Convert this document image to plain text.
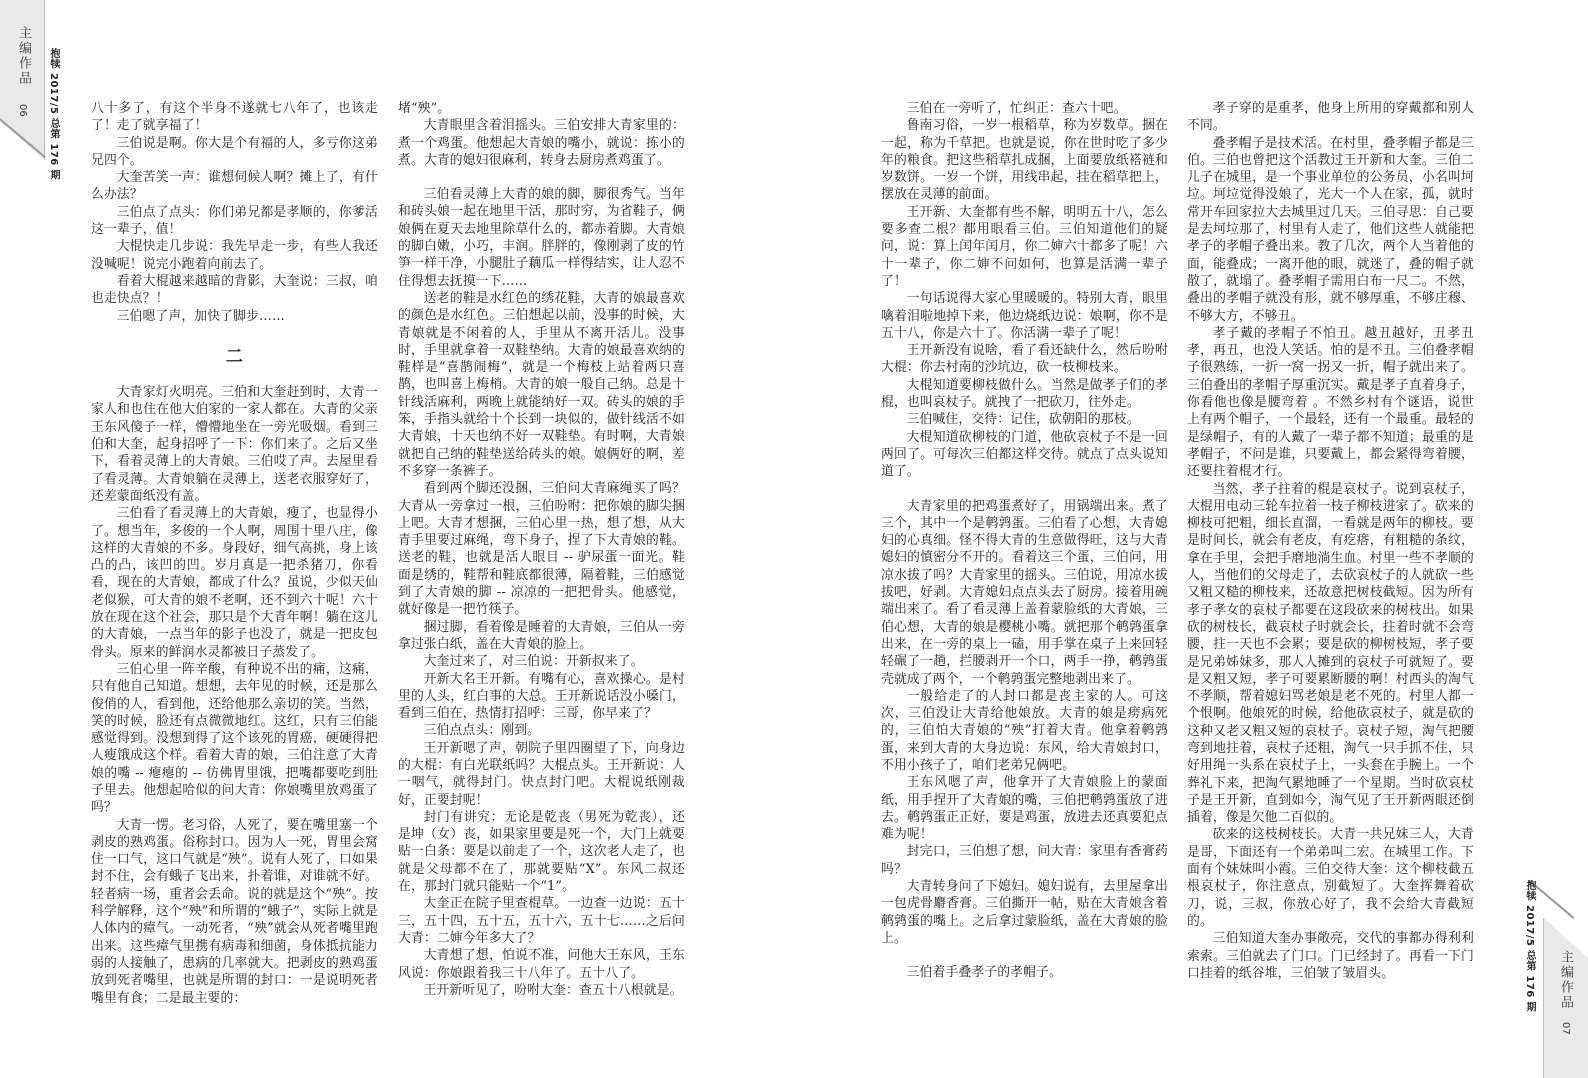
主编作品
06 抱犊 2017/5 总第 176 期	八十多了，有这个半身不遂就七八年了，也该走了！走了就享福了！

三伯说是啊。你大是个有福的人，多亏你这弟兄四个。

大奎苦笑一声：谁想伺候人啊？摊上了，有什么办法？

三伯点了点头：你们弟兄都是孝顺的，你爹活这一辈子，值！

大棍快走几步说：我先早走一步，有些人我还没喊呢！说完小跑着向前去了。

看着大棍越来越暗的背影，大奎说：三叔，咱也走快点？！

三伯嗯了声，加快了脚步……

二

大青家灯火明亮。三伯和大奎赶到时，大青一家人和也住在他大伯家的一家人都在。大青的父亲王东风傻子一样，懵懵地坐在一旁光吸烟。看到三伯和大奎，起身招呼了一下：你们来了。之后又坐下，看着灵薄上的大青娘。三伯哎了声。去屋里看了看灵薄。大青娘躺在灵薄上，送老衣服穿好了，还差蒙面纸没有盖。

三伯看了看灵薄上的大青娘，瘦了，也显得小了。想当年，多俊的一个人啊，周围十里八庄，像这样的大青娘的不多。身段好，细气高挑，身上该凸的凸，该凹的凹。岁月真是一把杀猪刀，你看看，现在的大青娘，都成了什么？虽说，少似天仙老似猴，可大青的娘不老啊，还不到六十呢！六十放在现在这个社会，那只是个大青年啊！躺在这儿的大青娘，一点当年的影子也没了，就是一把皮包骨头。原来的鲜润水灵都被日子蒸发了。

三伯心里一阵辛酸，有种说不出的痛，这痛，只有他自己知道。想想，去年见的时候，还是那么俊俏的人，看到他，还给他那么亲切的笑。当然，笑的时候，脸还有点微微地红。这红，只有三伯能感觉得到。没想到得了这个该死的胃癌，硬硬得把人瘦饿成这个样。看着大青的娘，三伯注意了大青娘的嘴 -- 瘪瘪的 -- 仿佛胃里饿，把嘴都要吃到肚子里去。他想起哈似的问大青：你娘嘴里放鸡蛋了吗？

大青一愣。老习俗，人死了，要在嘴里塞一个剥皮的熟鸡蛋。俗称封口。因为人一死，胃里会窝住一口气，这口气就是“殃”。说有人死了，口如果封不住，会有蛾子飞出来，扑着谁，对谁就不好。轻者病一场，重者会丢命。说的就是这个“殃”。按科学解释，这个“殃”和所谓的“蛾子”，实际上就是人体内的瘴气。一动死者，“殃”就会从死者嘴里跑出来。这些瘴气里携有病毒和细菌，身体抵抗能力弱的人接触了，患病的几率就大。把剥皮的熟鸡蛋放到死者嘴里，也就是所谓的封口：一是说明死者嘴里有食；二是最主要的：

堵“殃”。

大青眼里含着泪摇头。三伯安排大青家里的：煮一个鸡蛋。他想起大青娘的嘴小，就说：拣小的煮。大青的媳妇很麻利，转身去厨房煮鸡蛋了。

三伯看灵薄上大青的娘的脚，脚很秀气。当年和砖头娘一起在地里干活，那时穷，为省鞋子，俩娘俩在夏天去地里除草什么的，都赤着脚。大青娘的脚白嫩，小巧，丰润。胖胖的，像刚剥了皮的竹笋一样干净，小腿肚子藕瓜一样得结实，让人忍不住得想去抚摸一下……

送老的鞋是水红色的绣花鞋，大青的娘最喜欢的颜色是水红色。三伯想起以前，没事的时候，大青娘就是不闲着的人，手里从不离开活儿。没事时，手里就拿着一双鞋垫纳。大青的娘最喜欢纳的鞋样是“喜鹊闹梅”，就是一个梅枝上站着两只喜鹊，也叫喜上梅梢。大青的娘一般自己纳。总是十针线活麻利，两晚上就能纳好一双。砖头的娘的手笨，手指头就给十个长到一块似的，做针线活不如大青娘，十天也纳不好一双鞋垫。有时啊，大青娘就把自己纳的鞋垫送给砖头的娘。娘俩好的啊，差不多穿一条裤子。

看到两个脚还没捆，三伯问大青麻绳买了吗？大青从一旁拿过一根，三伯吩咐：把你娘的脚尖捆上吧。大青才想捆，三伯心里一热，想了想，从大青手里要过麻绳，弯下身子，捏了下大青娘的鞋。送老的鞋，也就是活人眼目 -- 驴尿蛋一面光。鞋面是绣的，鞋帮和鞋底都很薄，隔着鞋，三伯感觉到了大青娘的脚 -- 凉凉的一把把骨头。他感觉，就好像是一把竹筷子。

捆过脚，看着像是睡着的大青娘，三伯从一旁拿过张白纸，盖在大青娘的脸上。

大奎过来了，对三伯说：开新叔来了。

开新大名王开新。有嘴有心，喜欢操心。是村里的人头，红白事的大总。王开新说话没小嗓门，看到三伯在，热情打招呼：三哥，你早来了？

三伯点点头：刚到。

王开新嗯了声，朝院子里四圈望了下，向身边的大棍：有白光联纸吗？大棍点头。王开新说：人一咽气，就得封门。快点封门吧。大棍说纸刚裁好，正要封呢！

封门有讲究：无论是乾丧（男死为乾丧），还是坤（女）丧，如果家里要是死一个，大门上就要贴一白条：要是以前走了一个，这次老人走了，也就是父母都不在了，那就要贴“X”。东风二叔还在，那封门就只能贴一个“1”。

大奎正在院子里查棍草。一边查一边说：五十三，五十四，五十五，五十六，五十七……之后问大青：二婶今年多大了？

大青想了想，怕说不准，问他大王东风，王东风说：你娘跟着我三十八年了。五十八了。

王开新听见了，吩咐大奎：查五十八根就是。

三伯在一旁听了，忙纠正：查六十吧。

鲁南习俗，一岁一根稻草，称为岁数草。捆在一起，称为千草把。也就是说，你在世时吃了多少年的粮食。把这些稻草扎成捆，上面要放纸褡裢和岁数饼。一岁一个饼，用线串起，挂在稻草把上，摆放在灵薄的前面。

王开新、大奎都有些不解，明明五十八，怎么要多查二根？都用眼看三伯。三伯知道他们的疑问，说：算上闰年闰月，你二婶六十都多了呢！六十一辈子，你二婶不问如何，也算是活满一辈子了！

一句话说得大家心里暖暖的。特别大青，眼里噙着泪啦地掉下来，他边烧纸边说：娘啊，你不是五十八，你是六十了。你活满一辈子了呢！

王开新没有说啥，看了看还缺什么，然后吩咐大棍：你去村南的沙坑边，砍一枝柳枝来。

大棍知道要柳枝做什么。当然是做孝子们的孝棍，也叫哀杖子。就拽了一把砍刀，往外走。

三伯喊住，交待：记住，砍朝阳的那枝。

大棍知道砍柳枝的门道，他砍哀杖子不是一回两回了。可每次三伯都这样交待。就点了点头说知道了。

大青家里的把鸡蛋煮好了，用锅端出来。煮了三个，其中一个是鹌鹑蛋。三伯看了心想，大青媳妇的心真细。怪不得大青的生意做得旺，这与大青媳妇的慎密分不开的。看着这三个蛋，三伯问，用凉水拔了吗？大青家里的摇头。三伯说，用凉水拔拔吧，好剥。大青媳妇点点头去了厨房。接着用碗端出来了。看了看灵薄上盖着蒙脸纸的大青娘，三伯心想，大青的娘是樱桃小嘴。就把那个鹌鹑蛋拿出来，在一旁的桌上一磕，用手掌在桌子上来回轻轻碾了一趟，拦腰剥开一个口，两手一挣，鹌鹑蛋壳就成了两个，一个鹌鹑蛋完整地剥出来了。

一般给走了的人封口都是丧主家的人。可这次，三伯没让大青给他娘放。大青的娘是痨病死的，三伯怕大青娘的“殃”打着大青。他拿着鹌鹑蛋，来到大青的大身边说：东风，给大青娘封口，不用小孩子了，咱们老弟兄俩吧。

王东风嗯了声，他拿开了大青娘脸上的蒙面纸，用手捏开了大青娘的嘴，三伯把鹌鹑蛋放了进去。鹌鹑蛋正正好，要是鸡蛋，放进去还真要犯点难为呢！

封完口，三伯想了想，问大青：家里有香膏药吗？

大青转身问了下媳妇。媳妇说有，去里屋拿出一包虎骨麝香膏。三伯撕开一帖，贴在大青娘含着鹌鹑蛋的嘴上。之后拿过蒙脸纸，盖在大青娘的脸上。

三伯着手叠孝子的孝帽子。

孝子穿的是重孝，他身上所用的穿戴都和别人不同。

叠孝帽子是技术活。在村里，叠孝帽子都是三伯。三伯也曾把这个活教过王开新和大奎。三伯二儿子在城里，是一个事业单位的公务员，小名叫坷垃。坷垃觉得没娘了，光大一个人在家，孤，就时常开车回家拉大去城里过几天。三伯寻思：自己要是去坷垃那了，村里有人走了，他们这些人就能把孝子的孝帽子叠出来。教了几次，两个人当着他的面，能叠成；一离开他的眼，就迷了，叠的帽子就散了，就塌了。叠孝帽子需用白布一尺二。不然，叠出的孝帽子就没有形，就不够厚重，不够庄穆、不够大方，不够丑。

孝子戴的孝帽子不怕丑。越丑越好，丑孝丑孝，再丑，也没人笑话。怕的是不丑。三伯叠孝帽子很熟练，一折一窝一拐又一折，帽子就出来了。三伯叠出的孝帽子厚重沉实。戴是孝子直着身子，你看他也像是腰弯着 。不然乡村有个谜语，说世上有两个帽子，一个最轻，还有一个最重。最轻的是绿帽子，有的人戴了一辈子都不知道；最重的是孝帽子，不问是谁，只要戴上，都会紧得弯着腰，还要拄着棍才行。

当然，孝子拄着的棍是哀杖子。说到哀杖子，大棍用电动三轮车拉着一枝子柳枝进家了。砍来的柳枝可把粗，细长直溜，一看就是两年的柳枝。要是时间长，就会有老皮，有疙瘩，有粗糙的条纹，拿在手里，会把手磨地淌生血。村里一些不孝顺的人，当他们的父母走了，去砍哀杖子的人就砍一些又粗又糙的柳枝来，还故意把树枝截短。因为所有孝子孝女的哀杖子都要在这段砍来的树枝出。如果砍的树枝长，截哀杖子时就会长，拄着时就不会弯腰，拄一天也不会累；要是砍的柳树枝短，孝子要是兄弟姊妹多，那人人摊到的哀杖子可就短了。要是又粗又短，孝子可要累断腰的啊！村西头的淘气不孝顺，帮着媳妇骂老娘是老不死的。村里人都一个恨啊。他娘死的时候，给他砍哀杖子，就是砍的这种又老又粗又短的哀杖子。哀杖子短，淘气把腰弯到地拄着，哀杖子还粗，淘气一只手抓不住，只好用绳一头系在哀杖子上，一头套在手腕上。一个葬礼下来，把淘气累地睡了一个星期。当时砍哀杖子是王开新，直到如今，淘气见了王开新两眼还倒插着，像是欠他二百似的。

砍来的这枝树枝长。大青一共兄妹三人，大青是哥，下面还有一个弟弟叫二宏。在城里工作。下面有个妹妹叫小霞。三伯交待大奎：这个柳枝截五根哀杖子，你注意点，别截短了。大奎挥舞着砍刀，说，三叔，你放心好了，我不会给大青截短的。

三伯知道大奎办事敞亮，交代的事都办得利利索索。三伯就去了门口。门已经封了。再看一下门口挂着的纸谷堆，三伯皱了皱眉头。	主编作品
07
抱犊 2017/5 总第 176 期
